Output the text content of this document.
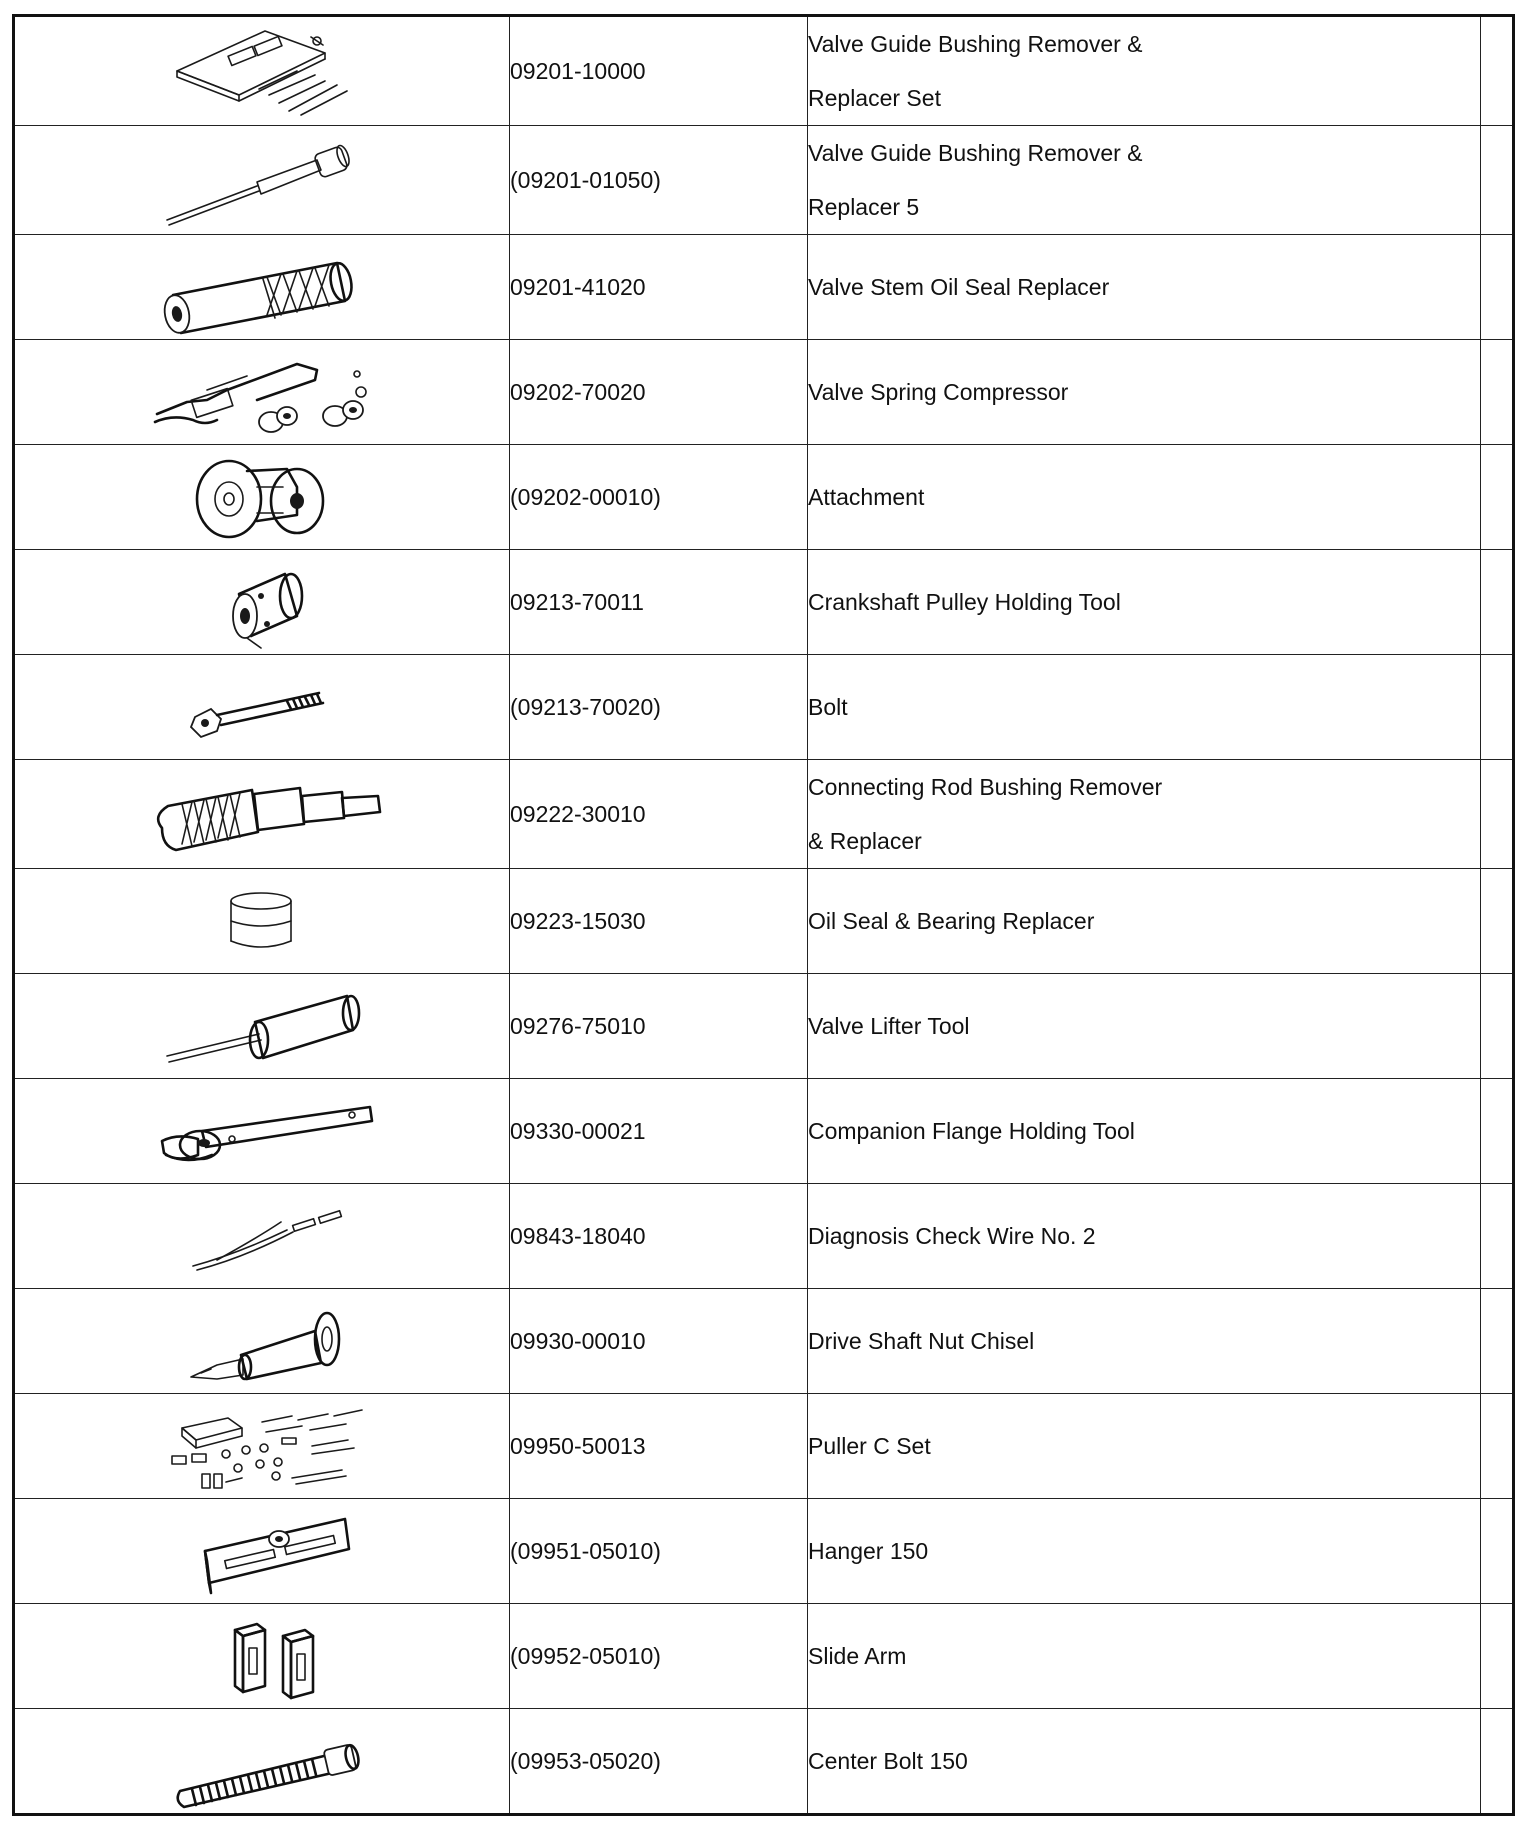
	09201-10000	Valve Guide Bushing Remover &
Replacer Set	

	(09201-01050)	Valve Guide Bushing Remover &
Replacer 5	

	09201-41020	Valve Stem Oil Seal Replacer	

	09202-70020	Valve Spring Compressor	

	(09202-00010)	Attachment	

	09213-70011	Crankshaft Pulley Holding Tool	

	(09213-70020)	Bolt	

	09222-30010	Connecting Rod Bushing Remover
& Replacer	

	09223-15030	Oil Seal & Bearing Replacer	

	09276-75010	Valve Lifter Tool	

	09330-00021	Companion Flange Holding Tool	

	09843-18040	Diagnosis Check Wire No. 2	

	09930-00010	Drive Shaft Nut Chisel	

	09950-50013	Puller C Set	

	(09951-05010)	Hanger 150	

	(09952-05010)	Slide Arm	

	(09953-05020)	Center Bolt 150	
